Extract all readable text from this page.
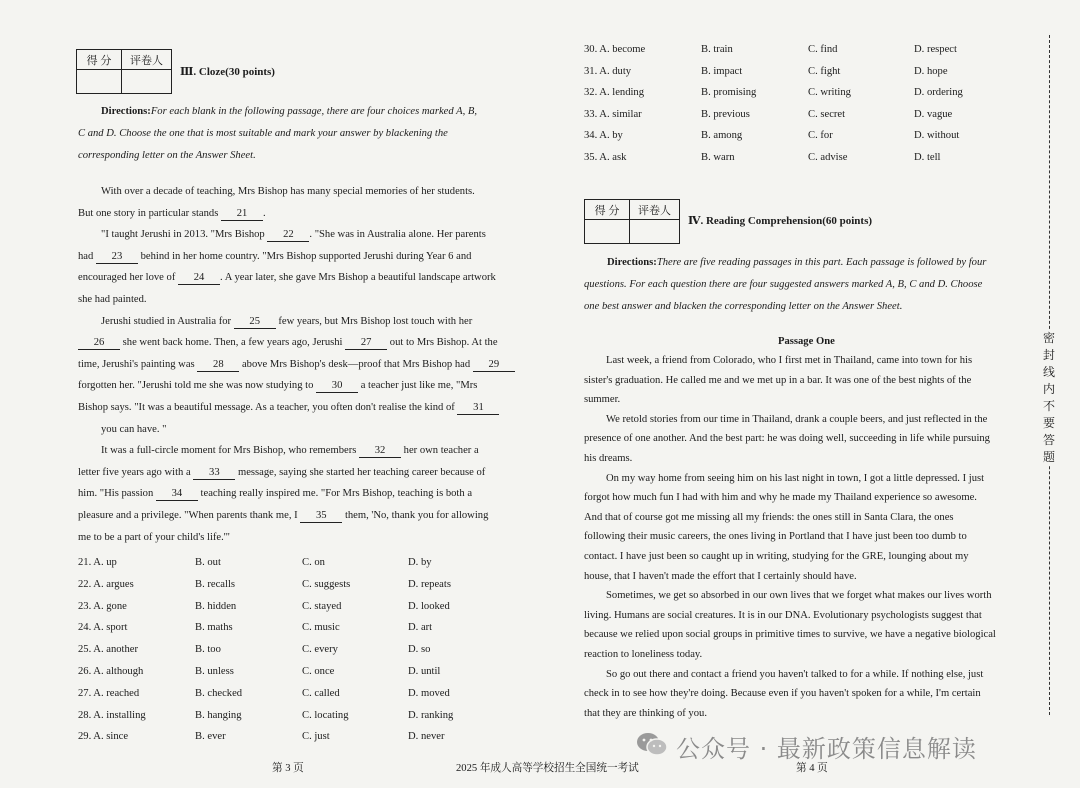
得 分	评卷人

Ⅲ. Cloze(30 points)
Directions:For each blank in the following passage, there are four choices marked A, B,
C and D. Choose the one that is most suitable and mark your answer by blackening the
corresponding letter on the Answer Sheet.
With over a decade of teaching, Mrs Bishop has many special memories of her students.
But one story in particular stands 21 .
"I taught Jerushi in 2013. "Mrs Bishop 22 . "She was in Australia alone. Her parents
had 23 behind in her home country. "Mrs Bishop supported Jerushi during Year 6 and
encouraged her love of 24 . A year later, she gave Mrs Bishop a beautiful landscape artwork
she had painted.
Jerushi studied in Australia for 25 few years, but Mrs Bishop lost touch with her
26 she went back home. Then, a few years ago, Jerushi 27 out to Mrs Bishop. At the
time, Jerushi's painting was 28 above Mrs Bishop's desk—proof that Mrs Bishop had 29
forgotten her. "Jerushi told me she was now studying to 30 a teacher just like me, "Mrs
Bishop says. "It was a beautiful message. As a teacher, you often don't realise the kind of 31
you can have. "
It was a full-circle moment for Mrs Bishop, who remembers 32 her own teacher a
letter five years ago with a 33 message, saying she started her teaching career because of
him. "His passion 34 teaching really inspired me. "For Mrs Bishop, teaching is both a
pleasure and a privilege. "When parents thank me, I 35 them, 'No, thank you for allowing
me to be a part of your child's life.'"
21. A. up	B. out	C. on	D. by
22. A. argues	B. recalls	C. suggests	D. repeats
23. A. gone	B. hidden	C. stayed	D. looked
24. A. sport	B. maths	C. music	D. art
25. A. another	B. too	C. every	D. so
26. A. although	B. unless	C. once	D. until
27. A. reached	B. checked	C. called	D. moved
28. A. installing	B. hanging	C. locating	D. ranking
29. A. since	B. ever	C. just	D. never
30. A. become	B. train	C. find	D. respect
31. A. duty	B. impact	C. fight	D. hope
32. A. lending	B. promising	C. writing	D. ordering
33. A. similar	B. previous	C. secret	D. vague
34. A. by	B. among	C. for	D. without
35. A. ask	B. warn	C. advise	D. tell
得 分	评卷人

Ⅳ. Reading Comprehension(60 points)
Directions:There are five reading passages in this part. Each passage is followed by four
questions. For each question there are four suggested answers marked A, B, C and D. Choose
one best answer and blacken the corresponding letter on the Answer Sheet.
Passage One
Last week, a friend from Colorado, who I first met in Thailand, came into town for his
sister's graduation. He called me and we met up in a bar. It was one of the best nights of the
summer.
We retold stories from our time in Thailand, drank a couple beers, and just reflected in the
presence of one another. And the best part: he was doing well, succeeding in life while pursuing
his dreams.
On my way home from seeing him on his last night in town, I got a little depressed. I just
forgot how much fun I had with him and why he made my Thailand experience so awesome.
And that of course got me missing all my friends: the ones still in Santa Clara, the ones
following their music careers, the ones living in Portland that I have just been too dumb to
contact. I have just been so caught up in writing, studying for the GRE, lounging about my
house, that I haven't made the effort that I certainly should have.
Sometimes, we get so absorbed in our own lives that we forget what makes our lives worth
living. Humans are social creatures. It is in our DNA. Evolutionary psychologists suggest that
because we relied upon social groups in primitive times to survive, we have a negative biological
reaction to loneliness today.
So go out there and contact a friend you haven't talked to for a while. If nothing else, just
check in to see how they're doing. Because even if you haven't spoken for a while, I'm certain
that they are thinking of you.
密封线内不要答题
第 3 页	2025 年成人高等学校招生全国统一考试	第 4 页
公众号 · 最新政策信息解读
